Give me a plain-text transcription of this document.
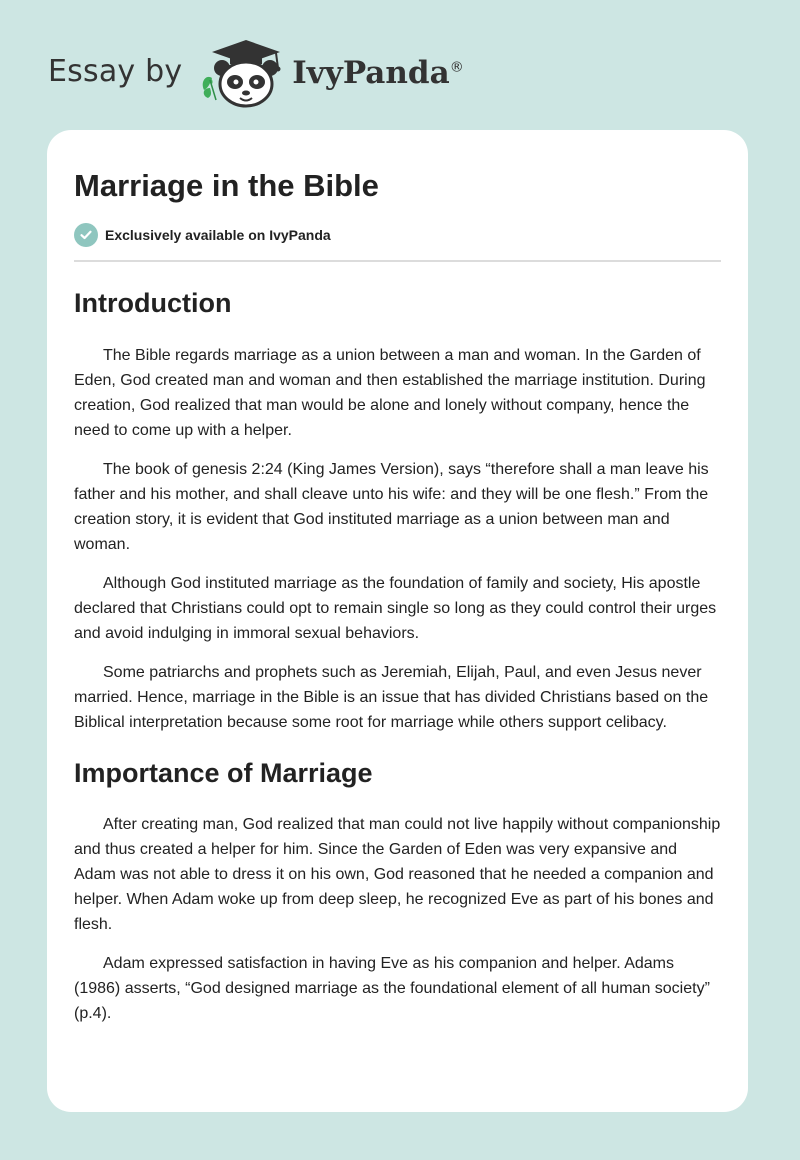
Essay by	IvyPanda®
Marriage in the Bible
Exclusively available on IvyPanda
Introduction

The Bible regards marriage as a union between a man and woman. In the Garden of Eden, God created man and woman and then established the marriage institution. During creation, God realized that man would be alone and lonely without company, hence the need to come up with a helper.

The book of genesis 2:24 (King James Version), says “therefore shall a man leave his father and his mother, and shall cleave unto his wife: and they will be one flesh.” From the creation story, it is evident that God instituted marriage as a union between man and woman.

Although God instituted marriage as the foundation of family and society, His apostle declared that Christians could opt to remain single so long as they could control their urges and avoid indulging in immoral sexual behaviors.

Some patriarchs and prophets such as Jeremiah, Elijah, Paul, and even Jesus never married. Hence, marriage in the Bible is an issue that has divided Christians based on the Biblical interpretation because some root for marriage while others support celibacy.

Importance of Marriage

After creating man, God realized that man could not live happily without companionship and thus created a helper for him. Since the Garden of Eden was very expansive and Adam was not able to dress it on his own, God reasoned that he needed a companion and helper. When Adam woke up from deep sleep, he recognized Eve as part of his bones and flesh.

Adam expressed satisfaction in having Eve as his companion and helper. Adams (1986) asserts, “God designed marriage as the foundational element of all human society” (p.4).
